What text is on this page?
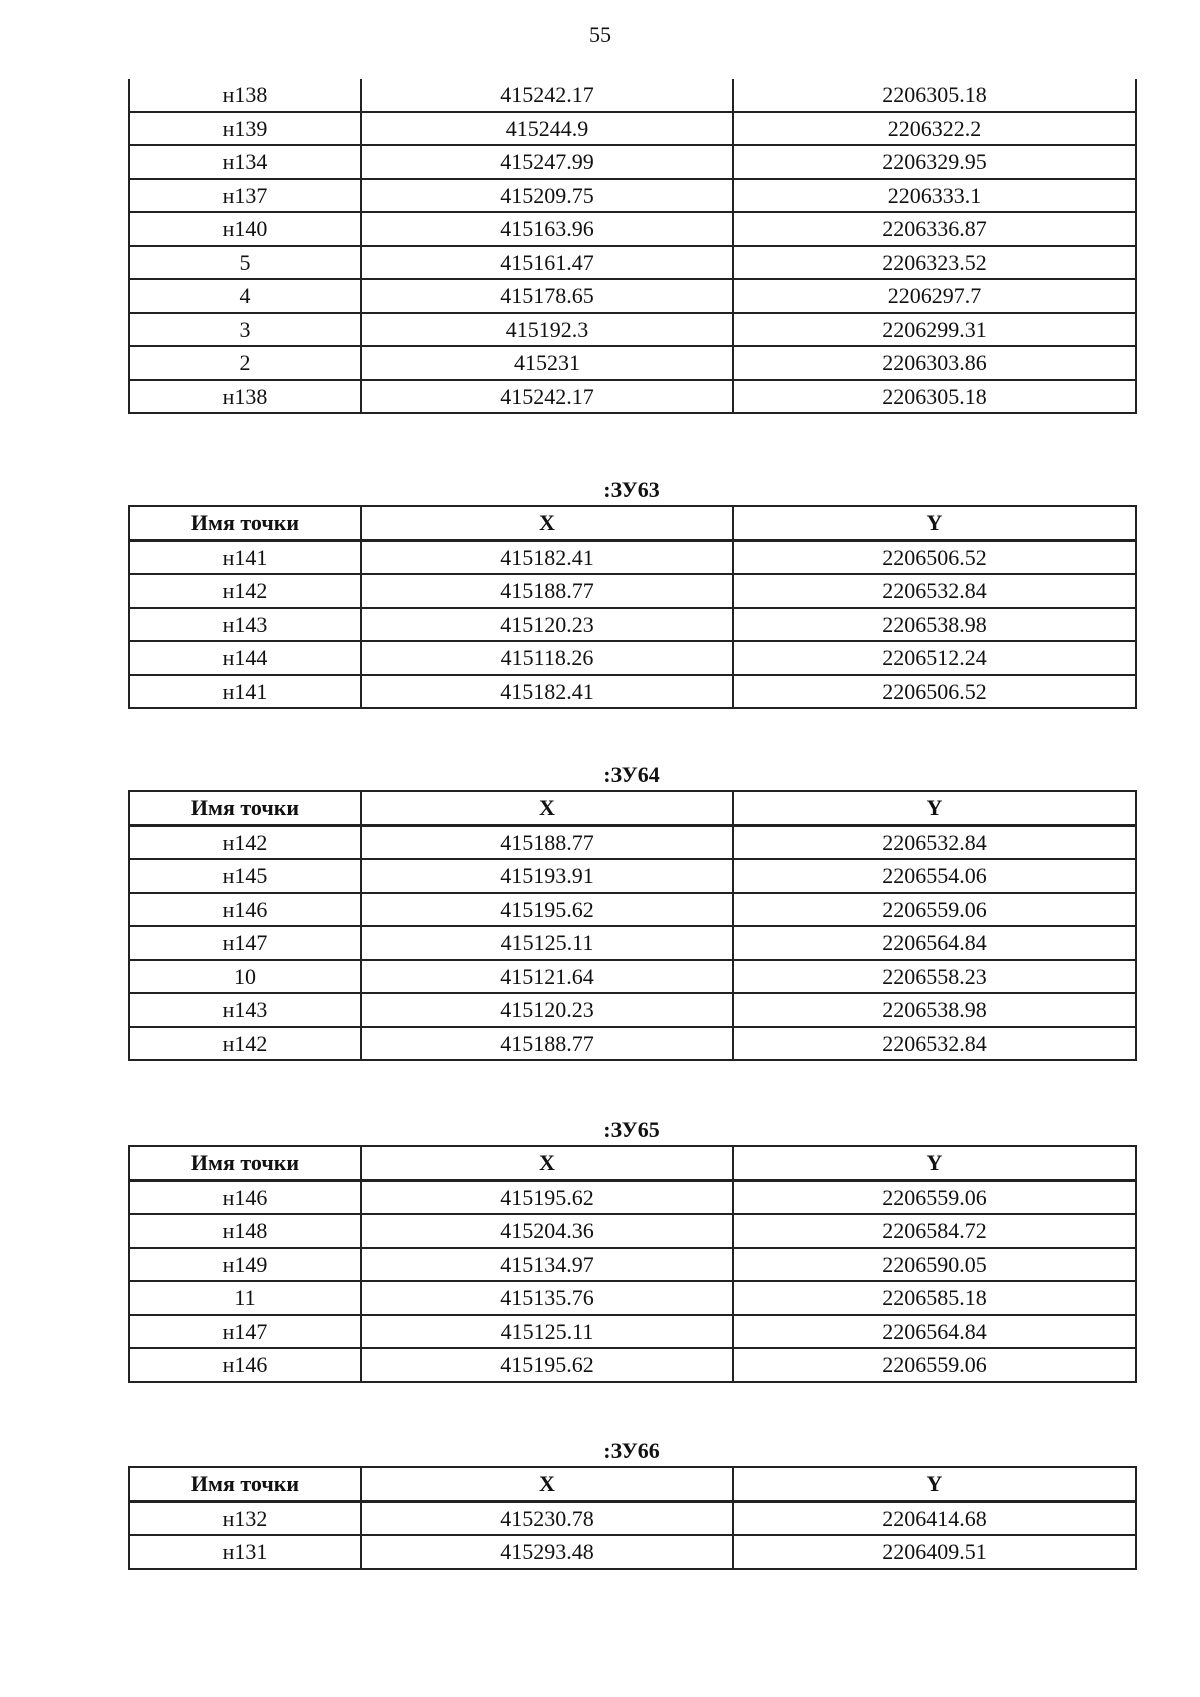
55
н138	415242.17	2206305.18
н139	415244.9	2206322.2
н134	415247.99	2206329.95
н137	415209.75	2206333.1
н140	415163.96	2206336.87
5	415161.47	2206323.52
4	415178.65	2206297.7
3	415192.3	2206299.31
2	415231	2206303.86
н138	415242.17	2206305.18
:ЗУ63
Имя точки	X	Y
н141	415182.41	2206506.52
н142	415188.77	2206532.84
н143	415120.23	2206538.98
н144	415118.26	2206512.24
н141	415182.41	2206506.52
:ЗУ64
Имя точки	X	Y
н142	415188.77	2206532.84
н145	415193.91	2206554.06
н146	415195.62	2206559.06
н147	415125.11	2206564.84
10	415121.64	2206558.23
н143	415120.23	2206538.98
н142	415188.77	2206532.84
:ЗУ65
Имя точки	X	Y
н146	415195.62	2206559.06
н148	415204.36	2206584.72
н149	415134.97	2206590.05
11	415135.76	2206585.18
н147	415125.11	2206564.84
н146	415195.62	2206559.06
:ЗУ66
Имя точки	X	Y
н132	415230.78	2206414.68
н131	415293.48	2206409.51
